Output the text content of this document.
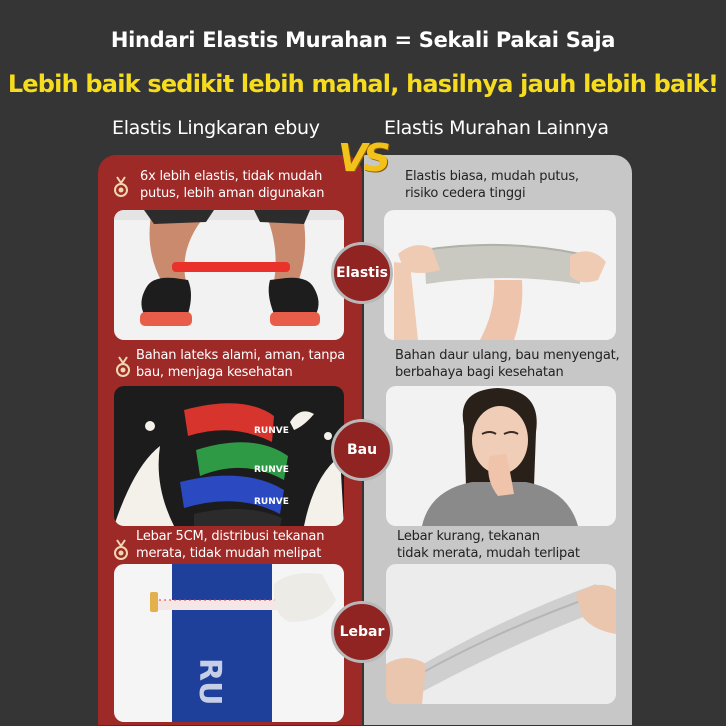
Hindari Elastis Murahan = Sekali Pakai Saja
Lebih baik sedikit lebih mahal, hasilnya jauh lebih baik!
Elastis Lingkaran ebuy	Elastis Murahan Lainnya
VS
6x lebih elastis, tidak mudah
putus, lebih aman digunakan
Elastis biasa, mudah putus,
risiko cedera tinggi
Elastis
Bahan lateks alami, aman, tanpa
bau, menjaga kesehatan
Bahan daur ulang, bau menyengat,
berbahaya bagi kesehatan
RUNVE
RUNVE
RUNVE
Bau
Lebar 5CM, distribusi tekanan
merata, tidak mudah melipat
Lebar kurang, tekanan
tidak merata, mudah terlipat
RU
Lebar
